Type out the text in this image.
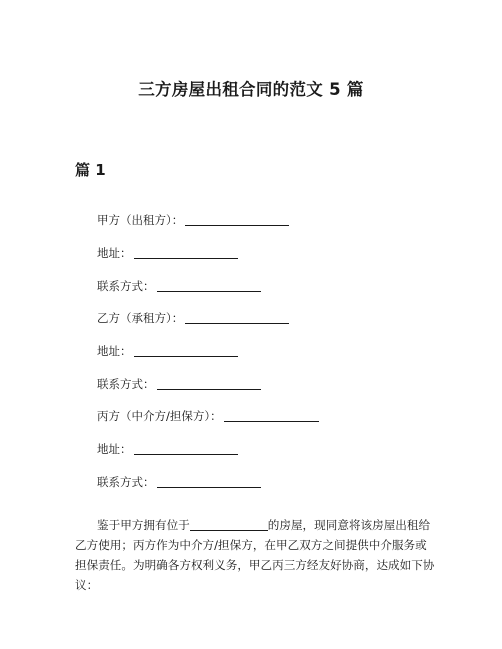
三方房屋出租合同的范文 5 篇
篇 1
甲方（出租方）：
地址：
联系方式：
乙方（承租方）：
地址：
联系方式：
丙方（中介方/担保方）：
地址：
联系方式：
鉴于甲方拥有位于	的房屋，现同意将该房屋出租给乙方使用；丙方作为中介方/担保方，在甲乙双方之间提供中介服务或担保责任。为明确各方权利义务，甲乙丙三方经友好协商，达成如下协议：
